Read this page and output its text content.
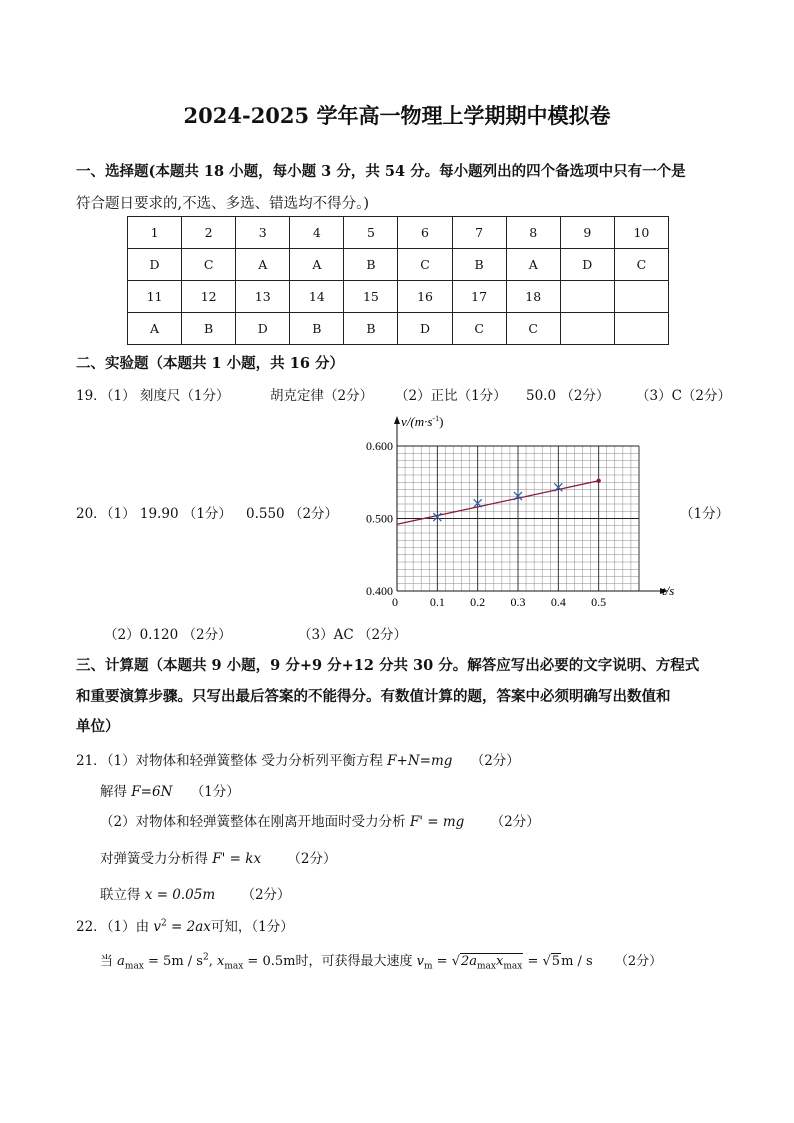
2024-2025 学年高一物理上学期期中模拟卷
一、选择题(本题共 18 小题，每小题 3 分，共 54 分。每小题列出的四个备选项中只有一个是
符合题日要求的,不选、多选、错选均不得分。)
1	2	3	4	5	6	7	8	9	10
D	C	A	A	B	C	B	A	D	C
11	12	13	14	15	16	17	18		
A	B	D	B	B	D	C	C		
二、实验题（本题共 1 小题，共 16 分）
19．
（1） 刻度尺（1分）	胡克定律（2分） （2）正比（1分） 50.0 （2分） （3）C（2分）
20．
（1） 19.90 （1分） 0.550 （2分）	（1分）
0	0.1 0.2 0.3 0.4 0.5
0.400
0.500
0.600
t/s
$v/(m\cdot s^{-1})$
（2）0.120 （2分）	（3）AC （2分）
三、计算题（本题共 9 小题，9 分+9 分+12 分共 30 分。解答应写出必要的文字说明、方程式
和重要演算步骤。只写出最后答案的不能得分。有数值计算的题，答案中必须明确写出数值和
单位）
21．
（1）对物体和轻弹簧整体 受力分析列平衡方程 F+N=mg （2分）
解得 F=6N （1分）
（2）对物体和轻弹簧整体在刚离开地面时受力分析 F' = mg （2分）
对弹簧受力分析得 F' = kx （2分）
联立得 x = 0.05m （2分）
22．
（1）由 $v^2 = 2ax$可知，（1分）
当 $a_{max} = 5m / s^2$, $x_{max} = 0.5m$时，可获得最大速度 $v_m = √2a_{max}x_{max} = √5m / s$ （2分）
